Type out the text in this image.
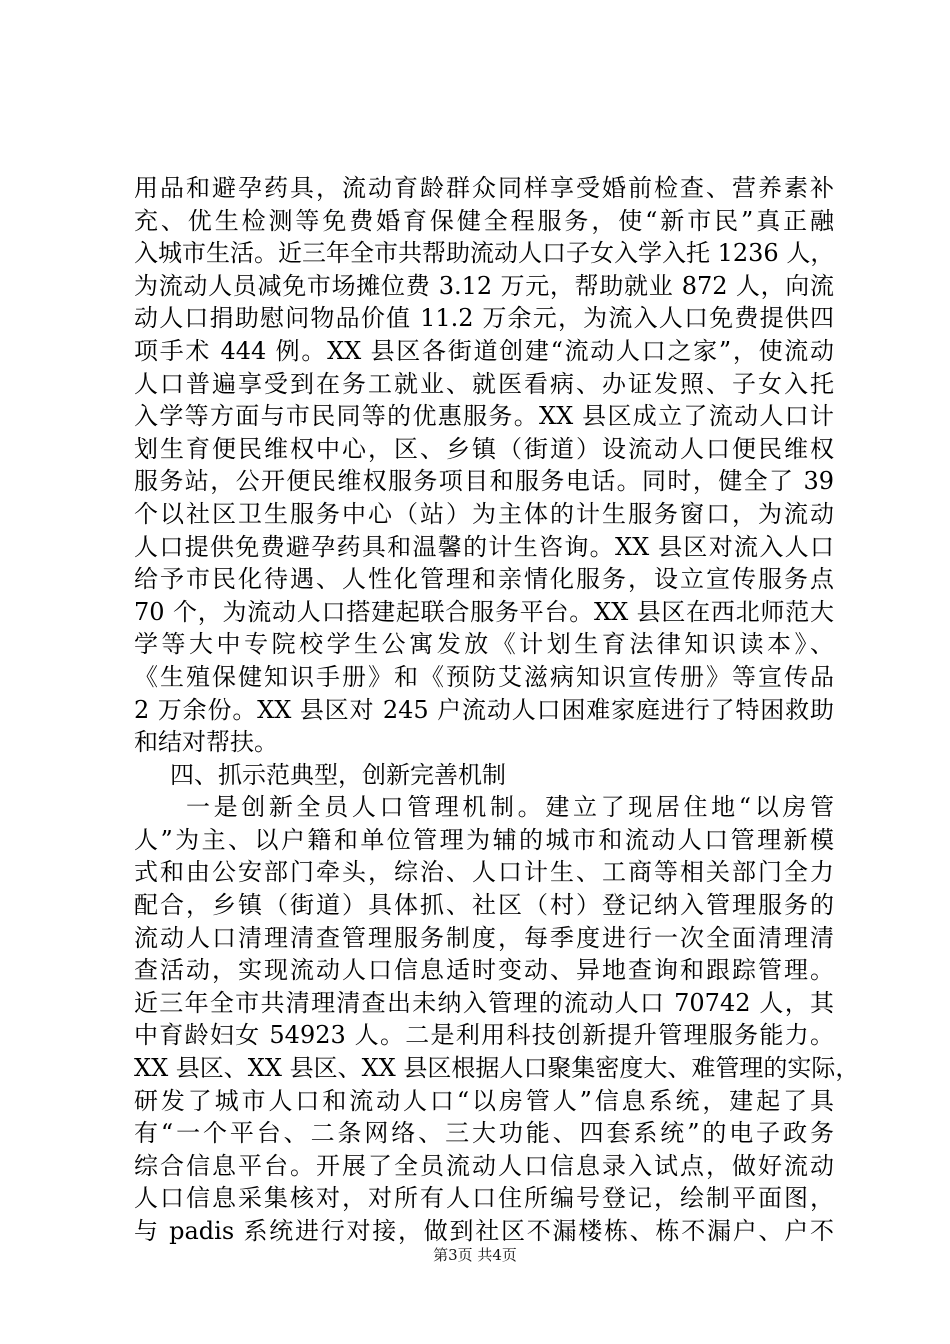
用品和避孕药具，流动育龄群众同样享受婚前检查、营养素补
充、优生检测等免费婚育保健全程服务，使“新市民”真正融
入城市生活。近三年全市共帮助流动人口子女入学入托 1236 人，
为流动人员减免市场摊位费 3.12 万元，帮助就业 872 人，向流
动人口捐助慰问物品价值 11.2 万余元，为流入人口免费提供四
项手术 444 例。XX 县区各街道创建“流动人口之家”，使流动
人口普遍享受到在务工就业、就医看病、办证发照、子女入托
入学等方面与市民同等的优惠服务。XX 县区成立了流动人口计
划生育便民维权中心，区、乡镇（街道）设流动人口便民维权
服务站，公开便民维权服务项目和服务电话。同时，健全了 39
个以社区卫生服务中心（站）为主体的计生服务窗口，为流动
人口提供免费避孕药具和温馨的计生咨询。XX 县区对流入人口
给予市民化待遇、人性化管理和亲情化服务，设立宣传服务点
70 个，为流动人口搭建起联合服务平台。XX 县区在西北师范大
学等大中专院校学生公寓发放《计划生育法律知识读本》、
《生殖保健知识手册》和《预防艾滋病知识宣传册》等宣传品
2 万余份。XX 县区对 245 户流动人口困难家庭进行了特困救助
和结对帮扶。
四、抓示范典型，创新完善机制
一是创新全员人口管理机制。建立了现居住地“以房管
人”为主、以户籍和单位管理为辅的城市和流动人口管理新模
式和由公安部门牵头，综治、人口计生、工商等相关部门全力
配合，乡镇（街道）具体抓、社区（村）登记纳入管理服务的
流动人口清理清查管理服务制度，每季度进行一次全面清理清
查活动，实现流动人口信息适时变动、异地查询和跟踪管理。
近三年全市共清理清查出未纳入管理的流动人口 70742 人，其
中育龄妇女 54923 人。二是利用科技创新提升管理服务能力。
XX 县区、XX 县区、XX 县区根据人口聚集密度大、难管理的实际，
研发了城市人口和流动人口“以房管人”信息系统，建起了具
有“一个平台、二条网络、三大功能、四套系统”的电子政务
综合信息平台。开展了全员流动人口信息录入试点，做好流动
人口信息采集核对，对所有人口住所编号登记，绘制平面图，
与 padis 系统进行对接，做到社区不漏楼栋、栋不漏户、户不
第3页 共4页
